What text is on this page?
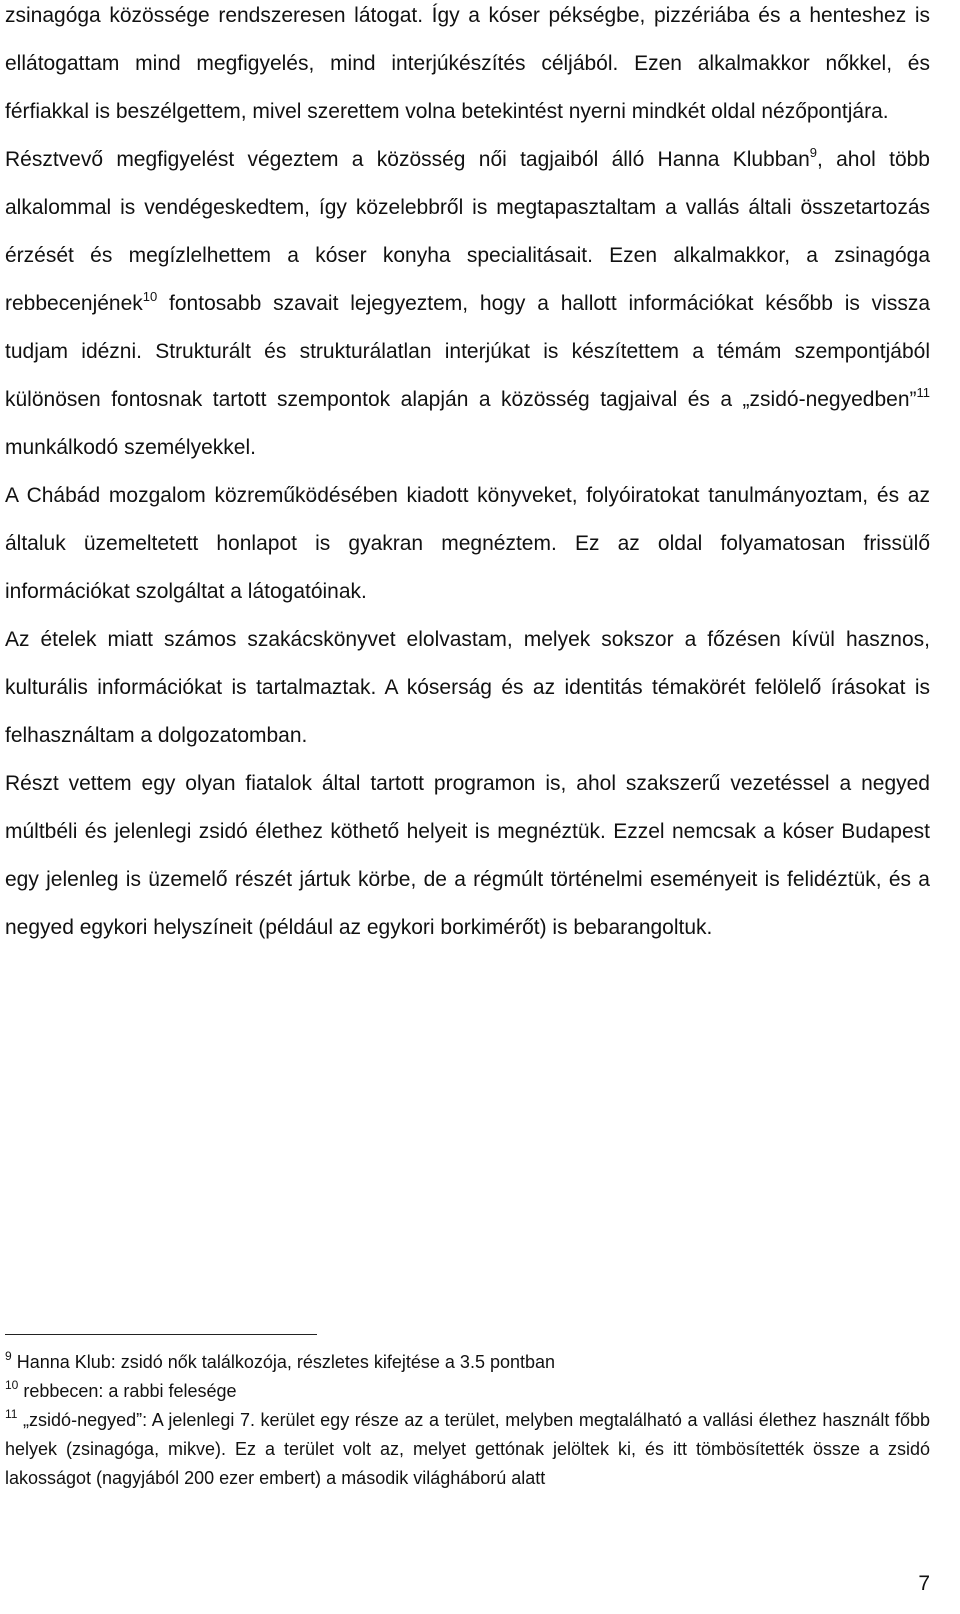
zsinagóga közössége rendszeresen látogat. Így a kóser pékségbe, pizzériába és a henteshez is ellátogattam mind megfigyelés, mind interjúkészítés céljából. Ezen alkalmakkor nőkkel, és férfiakkal is beszélgettem, mivel szerettem volna betekintést nyerni mindkét oldal nézőpontjára.

Résztvevő megfigyelést végeztem a közösség női tagjaiból álló Hanna Klubban$^9$, ahol több alkalommal is vendégeskedtem, így közelebbről is megtapasztaltam a vallás általi összetartozás érzését és megízlelhettem a kóser konyha specialitásait. Ezen alkalmakkor, a zsinagóga rebbecenjének$^{10}$ fontosabb szavait lejegyeztem, hogy a hallott információkat később is vissza tudjam idézni. Strukturált és strukturálatlan interjúkat is készítettem a témám szempontjából különösen fontosnak tartott szempontok alapján a közösség tagjaival és a „zsidó-negyedben”$^{11}$ munkálkodó személyekkel.

A Chábád mozgalom közreműködésében kiadott könyveket, folyóiratokat tanulmányoztam, és az általuk üzemeltetett honlapot is gyakran megnéztem. Ez az oldal folyamatosan frissülő információkat szolgáltat a látogatóinak.

Az ételek miatt számos szakácskönyvet elolvastam, melyek sokszor a főzésen kívül hasznos, kulturális információkat is tartalmaztak. A kóserság és az identitás témakörét felölelő írásokat is felhasználtam a dolgozatomban.

Részt vettem egy olyan fiatalok által tartott programon is, ahol szakszerű vezetéssel a negyed múltbéli és jelenlegi zsidó élethez köthető helyeit is megnéztük. Ezzel nemcsak a kóser Budapest egy jelenleg is üzemelő részét jártuk körbe, de a régmúlt történelmi eseményeit is felidéztük, és a negyed egykori helyszíneit (például az egykori borkimérőt) is bebarangoltuk.

$^9$ Hanna Klub: zsidó nők találkozója, részletes kifejtése a 3.5 pontban

$^{10}$ rebbecen: a rabbi felesége

$^{11}$ „zsidó-negyed”: A jelenlegi 7. kerület egy része az a terület, melyben megtalálható a vallási élethez használt főbb helyek (zsinagóga, mikve). Ez a terület volt az, melyet gettónak jelöltek ki, és itt tömbösítették össze a zsidó lakosságot (nagyjából 200 ezer embert) a második világháború alatt

7
